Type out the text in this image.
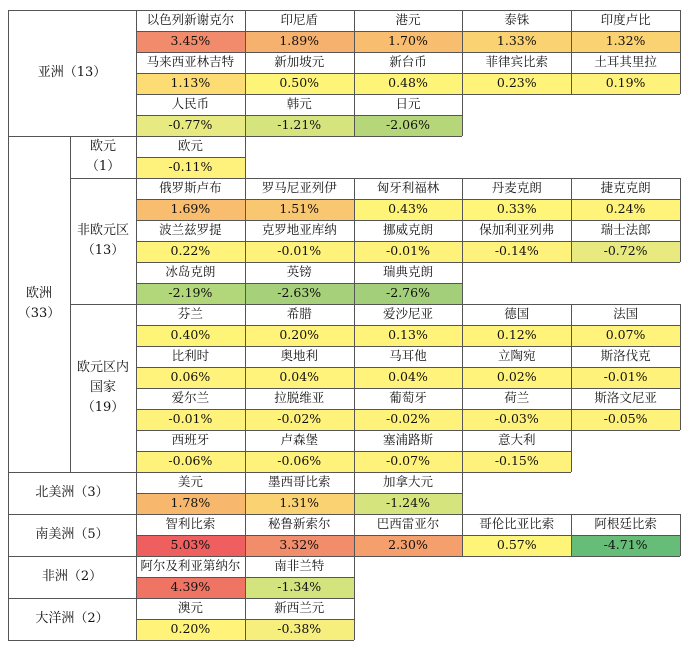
以色列新谢克尔
3.45%
印尼盾
1.89%
港元
1.70%
泰铢
1.33%
印度卢比
1.32%
马来西亚林吉特
1.13%
新加坡元
0.50%
新台币
0.48%
菲律宾比索
0.23%
土耳其里拉
0.19%
人民币
-0.77%
韩元
-1.21%
日元
-2.06%
亚洲 （13）
欧元
-0.11%
欧元
（1）
俄罗斯卢布
1.69%
罗马尼亚列伊
1.51%
匈牙利福林
0.43%
丹麦克朗
0.33%
捷克克朗
0.24%
波兰兹罗提
0.22%
克罗地亚库纳
-0.01%
挪威克朗
-0.01%
保加利亚列弗
-0.14%
瑞士法郎
-0.72%
冰岛克朗
-2.19%
英镑
-2.63%
瑞典克朗
-2.76%
非欧元区
（13）
芬兰
0.40%
希腊
0.20%
爱沙尼亚
0.13%
德国
0.12%
法国
0.07%
比利时
0.06%
奥地利
0.04%
马耳他
0.04%
立陶宛
0.02%
斯洛伐克
-0.01%
爱尔兰
-0.01%
拉脱维亚
-0.02%
葡萄牙
-0.02%
荷兰
-0.03%
斯洛文尼亚
-0.05%
西班牙
-0.06%
卢森堡
-0.06%
塞浦路斯
-0.07%
意大利
-0.15%
欧元区内
国家
（19）
欧洲
（33）
美元
1.78%
墨西哥比索
1.31%
加拿大元
-1.24%
北美洲 （3）
智利比索
5.03%
秘鲁新索尔
3.32%
巴西雷亚尔
2.30%
哥伦比亚比索
0.57%
阿根廷比索
-4.71%
南美洲 （5）
阿尔及利亚第纳尔
4.39%
南非兰特
-1.34%
非洲 （2）
澳元
0.20%
新西兰元
-0.38%
大洋洲 （2）
